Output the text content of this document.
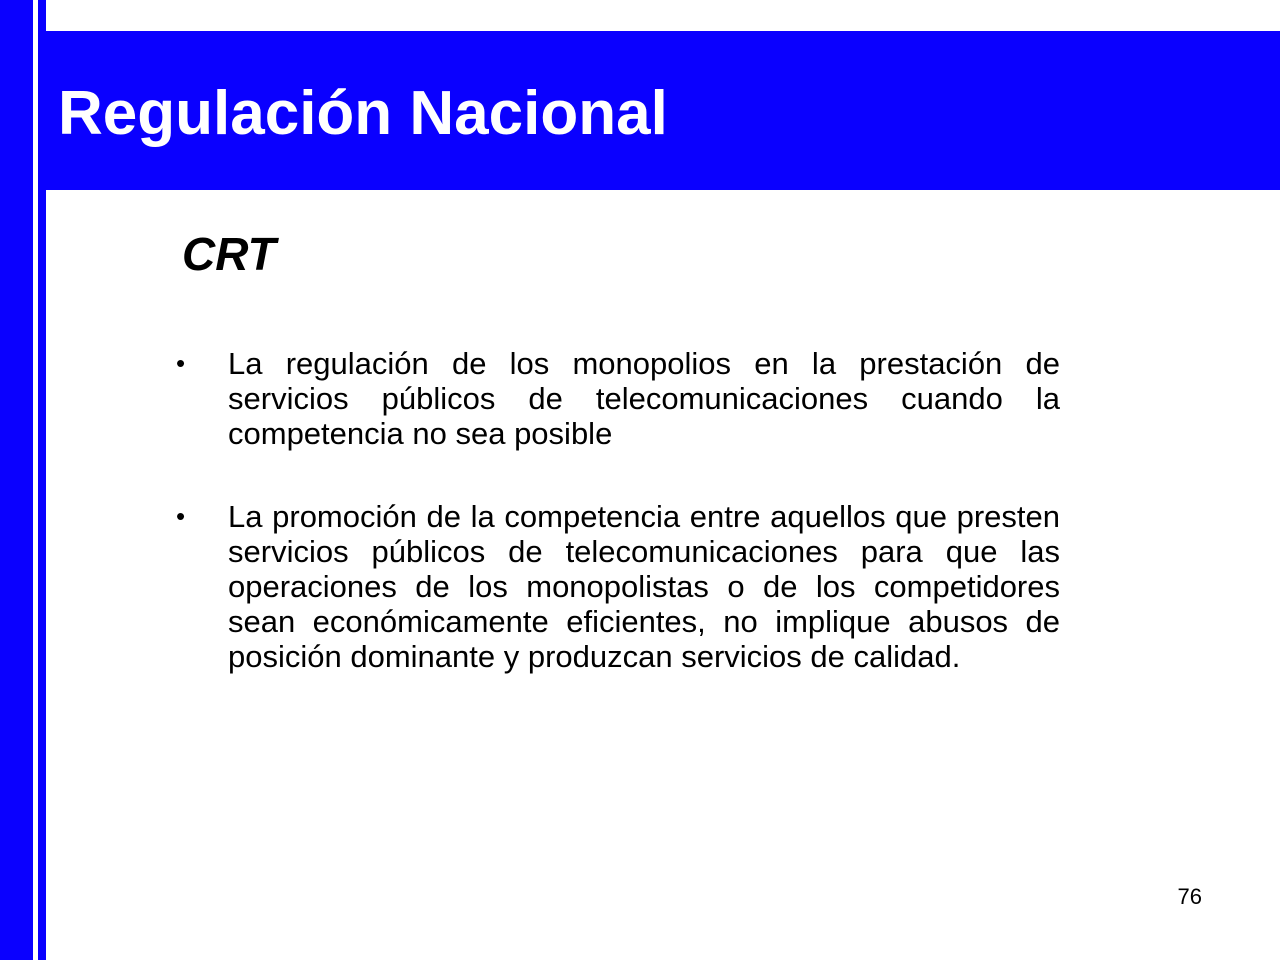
Regulación Nacional
CRT
•	La regulación de los monopolios en la prestación de servicios públicos de telecomunicaciones cuando la competencia no sea posible
•	La promoción de la competencia entre aquellos que presten servicios públicos de telecomunicaciones para que las operaciones de los monopolistas o de los competidores sean económicamente eficientes, no implique abusos de posición dominante y produzcan servicios de calidad.
76
